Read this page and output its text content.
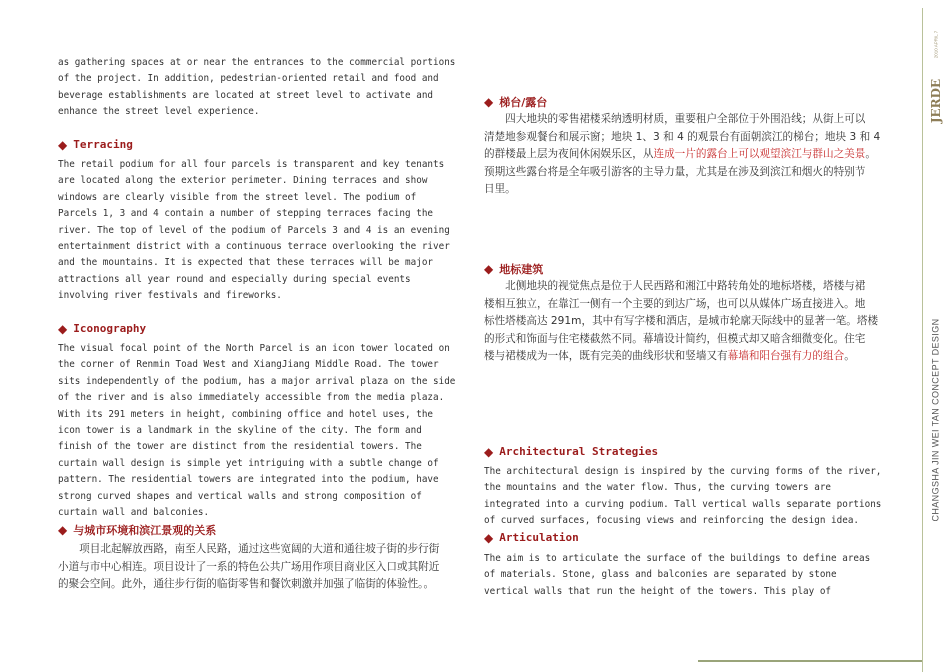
as gathering spaces at or near the entrances to the commercial portions
of the project. In addition, pedestrian-oriented retail and food and
beverage establishments are located at street level to activate and
enhance the street level experience.

◆ Terracing

The retail podium for all four parcels is transparent and key tenants
are located along the exterior perimeter. Dining terraces and show
windows are clearly visible from the street level. The podium of
Parcels 1, 3 and 4 contain a number of stepping terraces facing the
river. The top of level of the podium of Parcels 3 and 4 is an evening
entertainment district with a continuous terrace overlooking the river
and the mountains. It is expected that these terraces will be major
attractions all year round and especially during special events
involving river festivals and fireworks.

◆ Iconography

The visual focal point of the North Parcel is an icon tower located on
the corner of Renmin Toad West and XiangJiang Middle Road. The tower
sits independently of the podium, has a major arrival plaza on the side
of the river and is also immediately accessible from the media plaza.
With its 291 meters in height, combining office and hotel uses, the
icon tower is a landmark in the skyline of the city. The form and
finish of the tower are distinct from the residential towers. The
curtain wall design is simple yet intriguing with a subtle change of
pattern. The residential towers are integrated into the podium, have
strong curved shapes and vertical walls and strong composition of
curtain wall and balconies.

◆ 与城市环境和滨江景观的关系

　　项目北起解放西路，南至人民路，通过这些宽阔的大道和通往坡子街的步行街
小道与市中心相连。项目设计了一系的特色公共广场用作项目商业区入口或其附近
的聚会空间。此外，通往步行街的临街零售和餐饮刺激并加强了临街的体验性。。

◆ 梯台/露台

　　四大地块的零售裙楼采纳透明材质，重要租户全部位于外围沿线；从街上可以
清楚地参观餐台和展示窗；地块 1、3 和 4 的观景台有面朝滨江的梯台；地块 3 和 4
的群楼最上层为夜间休闲娱乐区，从连成一片的露台上可以观望滨江与群山之美景。
预期这些露台将是全年吸引游客的主导力量，尤其是在涉及到滨江和烟火的特别节
日里。

◆ 地标建筑

　　北侧地块的视觉焦点是位于人民西路和湘江中路转角处的地标塔楼，塔楼与裙
楼相互独立，在靠江一侧有一个主要的到达广场，也可以从媒体广场直接进入。地
标性塔楼高达 291m，其中有写字楼和酒店，是城市轮廓天际线中的显著一笔。塔楼
的形式和饰面与住宅楼截然不同。幕墙设计简约，但模式却又暗含细微变化。住宅
楼与裙楼成为一体，既有完美的曲线形状和竖墙又有幕墙和阳台强有力的组合。

◆ Architectural Strategies

The architectural design is inspired by the curving forms of the river,
the mountains and the water flow. Thus, the curving towers are
integrated into a curving podium. Tall vertical walls separate portions
of curved surfaces, focusing views and reinforcing the design idea.

◆ Articulation

The aim is to articulate the surface of the buildings to define areas
of materials. Stone, glass and balconies are separated by stone
vertical walls that run the height of the towers. This play of

2010 APRIL 7
JERDE
CHANGSHA JIN WEI TAN CONCEPT DESIGN
